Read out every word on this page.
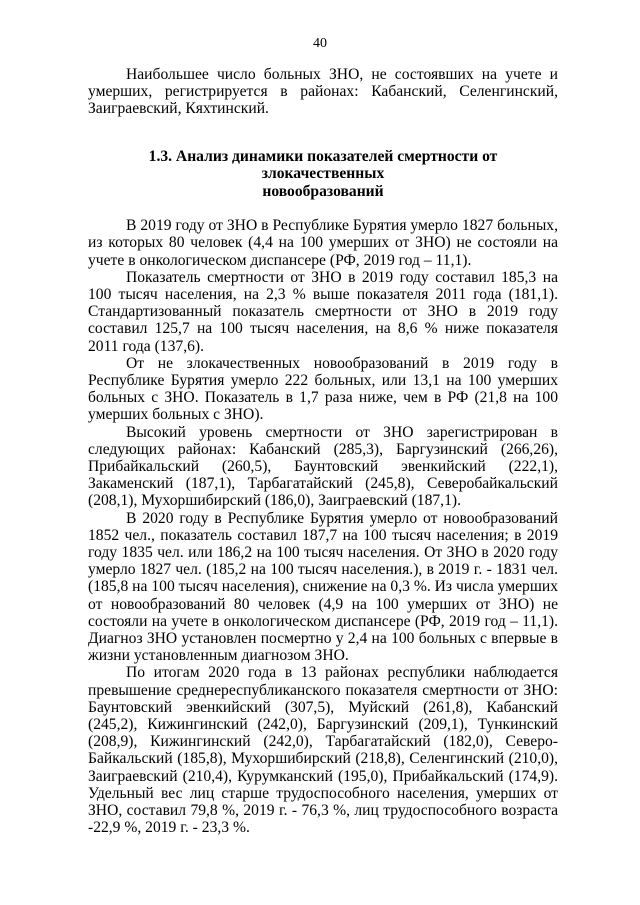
40

Наибольшее число больных ЗНО, не состоявших на учете и умерших, регистрируется в районах: Кабанский, Селенгинский, Заиграевский, Кяхтинский.

1.3. Анализ динамики показателей смертности от злокачественных
новообразований

В 2019 году от ЗНО в Республике Бурятия умерло 1827 больных, из которых 80 человек (4,4 на 100 умерших от ЗНО) не состояли на учете в онкологическом диспансере (РФ, 2019 год – 11,1).

Показатель смертности от ЗНО в 2019 году составил 185,3 на 100 тысяч населения, на 2,3 % выше показателя 2011 года (181,1). Стандартизованный показатель смертности от ЗНО в 2019 году составил 125,7 на 100 тысяч населения, на 8,6 % ниже показателя 2011 года (137,6).

От не злокачественных новообразований в 2019 году в Республике Бурятия умерло 222 больных, или 13,1 на 100 умерших больных с ЗНО. Показатель в 1,7 раза ниже, чем в РФ (21,8 на 100 умерших больных с ЗНО).

Высокий уровень смертности от ЗНО зарегистрирован в следующих районах: Кабанский (285,3), Баргузинский (266,26), Прибайкальский (260,5), Баунтовский эвенкийский (222,1), Закаменский (187,1), Тарбагатайский (245,8), Северобайкальский (208,1), Мухоршибирский (186,0), Заиграевский (187,1).

В 2020 году в Республике Бурятия умерло от новообразований 1852 чел., показатель составил 187,7 на 100 тысяч населения; в 2019 году 1835 чел. или 186,2 на 100 тысяч населения. От ЗНО в 2020 году умерло 1827 чел. (185,2 на 100 тысяч населения.), в 2019 г. - 1831 чел. (185,8 на 100 тысяч населения), снижение на 0,3 %. Из числа умерших от новообразований 80 человек (4,9 на 100 умерших от ЗНО) не состояли на учете в онкологическом диспансере (РФ, 2019 год – 11,1). Диагноз ЗНО установлен посмертно у 2,4 на 100 больных с впервые в жизни установленным диагнозом ЗНО.

По итогам 2020 года в 13 районах республики наблюдается превышение среднереспубликанского показателя смертности от ЗНО: Баунтовский эвенкийский (307,5), Муйский (261,8), Кабанский (245,2), Кижингинский (242,0), Баргузинский (209,1), Тункинский (208,9), Кижингинский (242,0), Тарбагатайский (182,0), Северо-Байкальский (185,8), Мухоршибирский (218,8), Селенгинский (210,0), Заиграевский (210,4), Курумканский (195,0), Прибайкальский (174,9). Удельный вес лиц старше трудоспособного населения, умерших от ЗНО, составил 79,8 %, 2019 г. - 76,3 %, лиц трудоспособного возраста -22,9 %, 2019 г. - 23,3 %.
